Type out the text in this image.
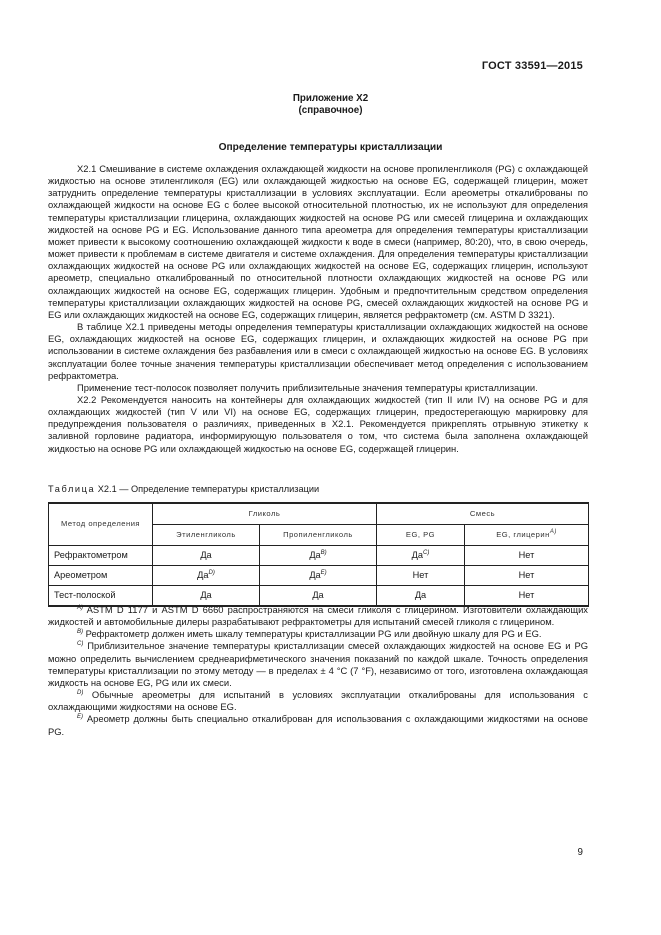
ГОСТ 33591—2015
Приложение Х2
(справочное)
Определение температуры кристаллизации

Х2.1 Смешивание в системе охлаждения охлаждающей жидкости на основе пропиленгликоля (PG) с охлаждающей жидкостью на основе этиленгликоля (EG) или охлаждающей жидкостью на основе EG, содержащей глицерин, может затруднить определение температуры кристаллизации в условиях эксплуатации. Если ареометры откалиброваны по охлаждающей жидкости на основе EG с более высокой относительной плотностью, их не используют для определения температуры кристаллизации глицерина, охлаждающих жидкостей на основе PG или смесей глицерина и охлаждающих жидкостей на основе PG и EG. Использование данного типа ареометра для определения температуры кристаллизации может привести к высокому соотношению охлаждающей жидкости к воде в смеси (например, 80:20), что, в свою очередь, может привести к проблемам в системе двигателя и системе охлаждения. Для определения температуры кристаллизации охлаждающих жидкостей на основе PG или охлаждающих жидкостей на основе EG, содержащих глицерин, используют ареометр, специально откалиброванный по относительной плотности охлаждающих жидкостей на основе PG или охлаждающих жидкостей на основе EG, содержащих глицерин. Удобным и предпочтительным средством определения температуры кристаллизации охлаждающих жидкостей на основе PG, смесей охлаждающих жидкостей на основе PG и EG или охлаждающих жидкостей на основе EG, содержащих глицерин, является рефрактометр (см. ASTM D 3321).

В таблице Х2.1 приведены методы определения температуры кристаллизации охлаждающих жидкостей на основе EG, охлаждающих жидкостей на основе EG, содержащих глицерин, и охлаждающих жидкостей на основе PG при использовании в системе охлаждения без разбавления или в смеси с охлаждающей жидкостью на основе EG. В условиях эксплуатации более точные значения температуры кристаллизации обеспечивает метод определения с использованием рефрактометра.

Применение тест-полосок позволяет получить приблизительные значения температуры кристаллизации.

Х2.2 Рекомендуется наносить на контейнеры для охлаждающих жидкостей (тип II или IV) на основе PG и для охлаждающих жидкостей (тип V или VI) на основе EG, содержащих глицерин, предостерегающую маркировку для предупреждения пользователя о различиях, приведенных в Х2.1. Рекомендуется прикреплять отрывную этикетку к заливной горловине радиатора, информирующую пользователя о том, что система была заполнена охлаждающей жидкостью на основе PG или охлаждающей жидкостью на основе EG, содержащей глицерин.

Таблица Х2.1 — Определение температуры кристаллизации
Метод определения	Гликоль		Смесь	
	Этиленгликоль	Пропиленгликоль	EG, PG	EG, глицерин$^{A)}$
Рефрактометром	Да	$Да^{B)}$	$Да^{C)}$	Нет
Ареометром	$Да^{D)}$	$Да^{E)}$	Нет	Нет
Тест-полоской	Да	Да	Да	Нет

$^{A)}$ ASTM D 1177 и ASTM D 6660 распространяются на смеси гликоля с глицерином. Изготовители охлаждающих жидкостей и автомобильные дилеры разрабатывают рефрактометры для испытаний смесей гликоля с глицерином.

$^{B)}$ Рефрактометр должен иметь шкалу температуры кристаллизации PG или двойную шкалу для PG и EG.

$^{C)}$ Приблизительное значение температуры кристаллизации смесей охлаждающих жидкостей на основе EG и PG можно определить вычислением среднеарифметического значения показаний по каждой шкале. Точность определения температуры кристаллизации по этому методу — в пределах ± 4 °С (7 °F), независимо от того, изготовлена охлаждающая жидкость на основе EG, PG или их смеси.

$^{D)}$ Обычные ареометры для испытаний в условиях эксплуатации откалиброваны для использования с охлаждающими жидкостями на основе EG.

$^{E)}$ Ареометр должны быть специально откалиброван для использования с охлаждающими жидкостями на основе PG.

9
